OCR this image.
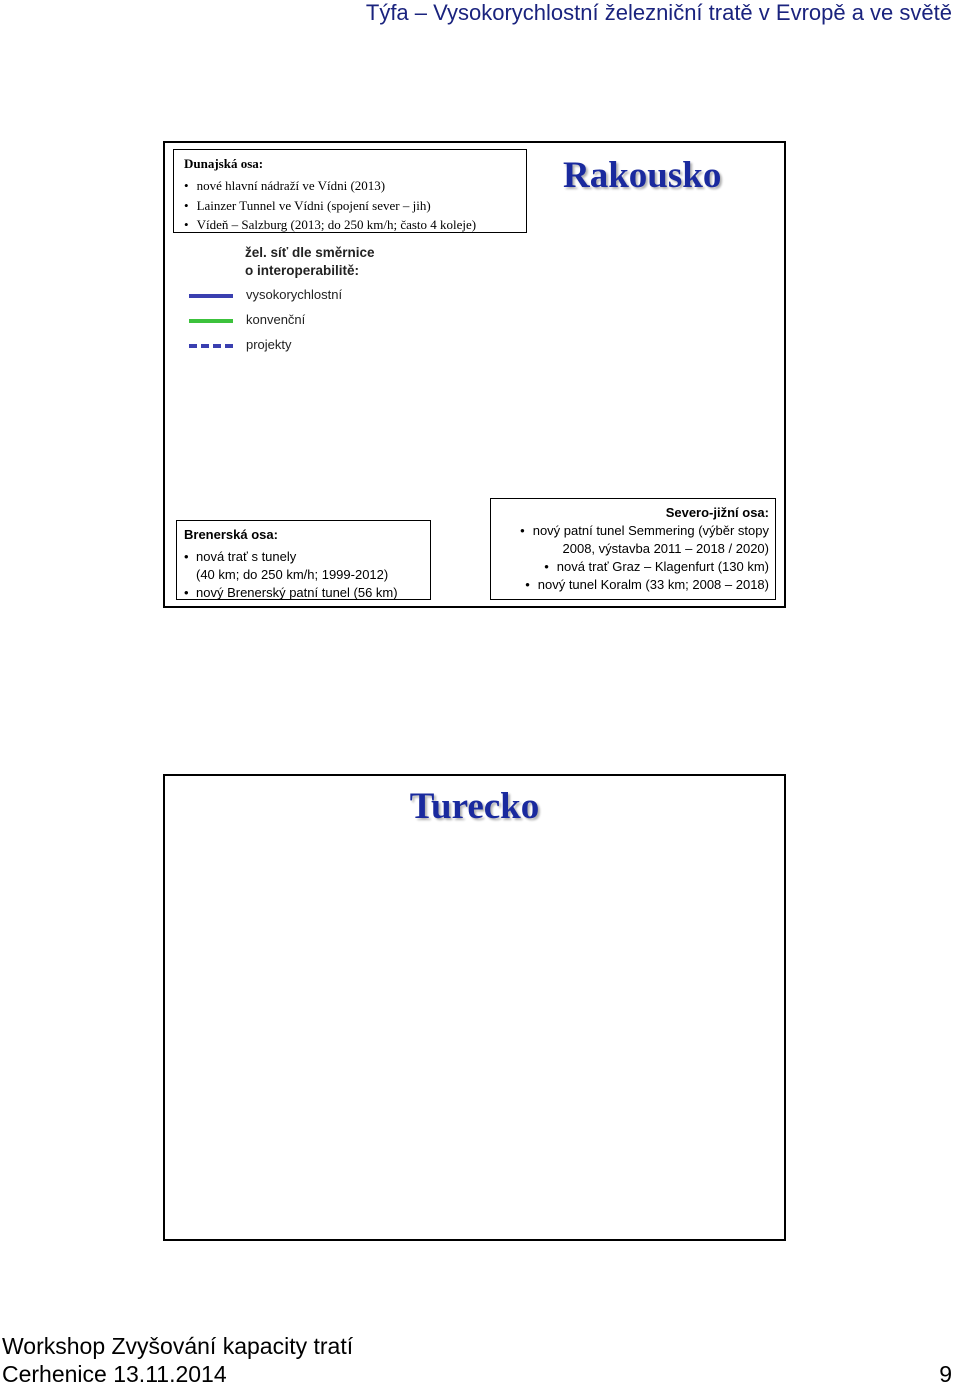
Týfa – Vysokorychlostní železniční tratě v Evropě a ve světě
Dunajská osa:
• nové hlavní nádraží ve Vídni (2013)
• Lainzer Tunnel ve Vídni (spojení sever – jih)
• Vídeň – Salzburg (2013; do 250 km/h; často 4 koleje)
Rakousko
žel. síť dle směrnice
o interoperabilitě:
vysokorychlostní
konvenční
projekty
Brenerská osa:
• nová trať s tunely
(40 km; do 250 km/h; 1999-2012)
• nový Brenerský patní tunel (56 km)
Severo-jižní osa:
• nový patní tunel Semmering (výběr stopy
2008, výstavba 2011 – 2018 / 2020)
• nová trať Graz – Klagenfurt (130 km)
• nový tunel Koralm (33 km; 2008 – 2018)
Turecko
Workshop Zvyšování kapacity tratí
Cerhenice 13.11.2014	9
